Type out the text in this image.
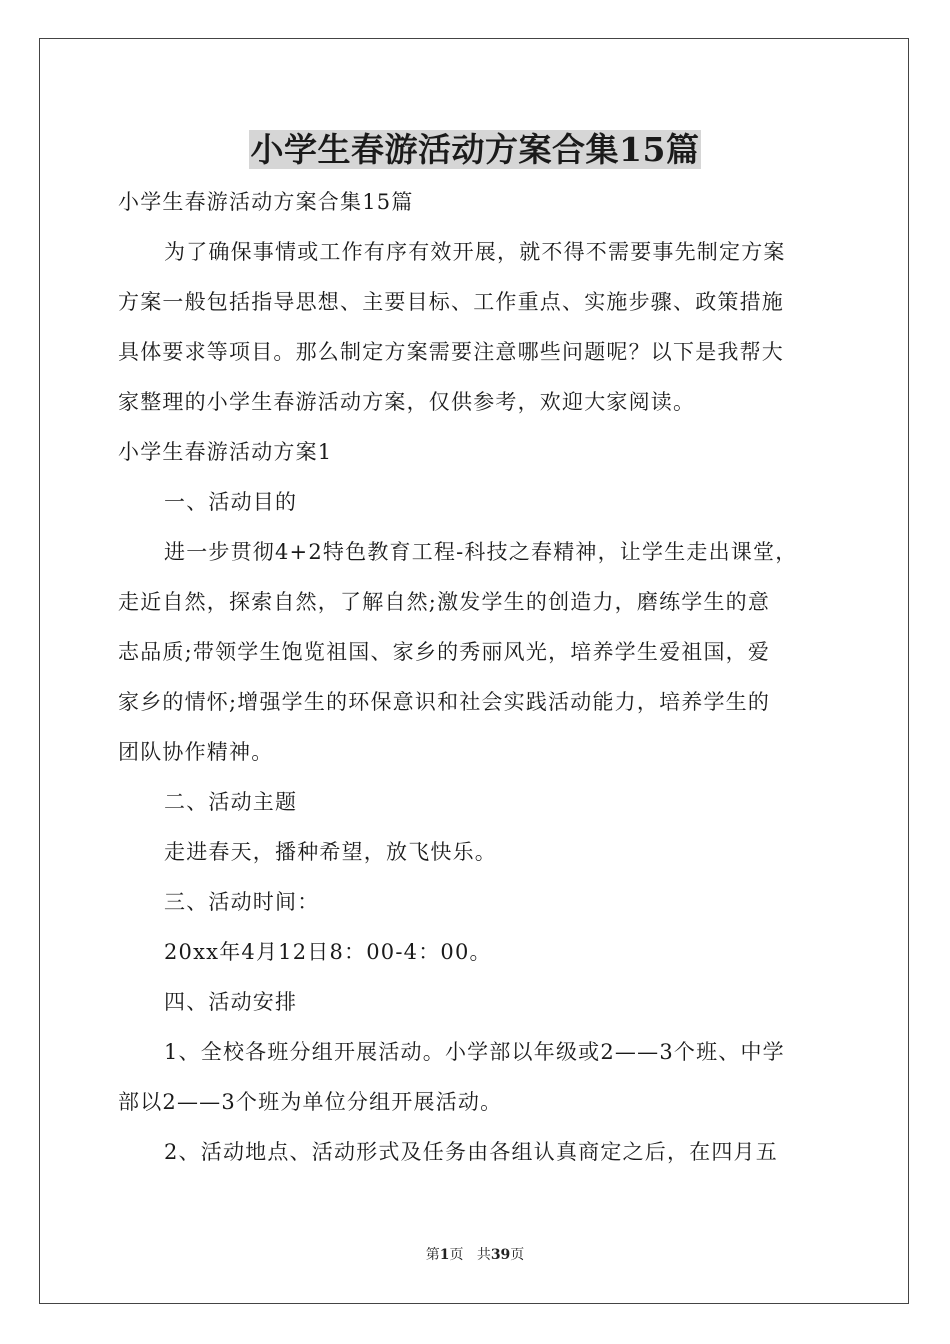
小学生春游活动方案合集15篇
小学生春游活动方案合集15篇
为了确保事情或工作有序有效开展，就不得不需要事先制定方案
方案一般包括指导思想、主要目标、工作重点、实施步骤、政策措施
具体要求等项目。那么制定方案需要注意哪些问题呢？以下是我帮大
家整理的小学生春游活动方案，仅供参考，欢迎大家阅读。
小学生春游活动方案1
一、活动目的
进一步贯彻4+2特色教育工程-科技之春精神，让学生走出课堂，
走近自然，探索自然，了解自然;激发学生的创造力，磨练学生的意
志品质;带领学生饱览祖国、家乡的秀丽风光，培养学生爱祖国，爱
家乡的情怀;增强学生的环保意识和社会实践活动能力，培养学生的
团队协作精神。
二、活动主题
走进春天，播种希望，放飞快乐。
三、活动时间：
20xx年4月12日8：00-4：00。
四、活动安排
1、全校各班分组开展活动。小学部以年级或2——3个班、中学
部以2——3个班为单位分组开展活动。
2、活动地点、活动形式及任务由各组认真商定之后，在四月五
第1页 共39页
